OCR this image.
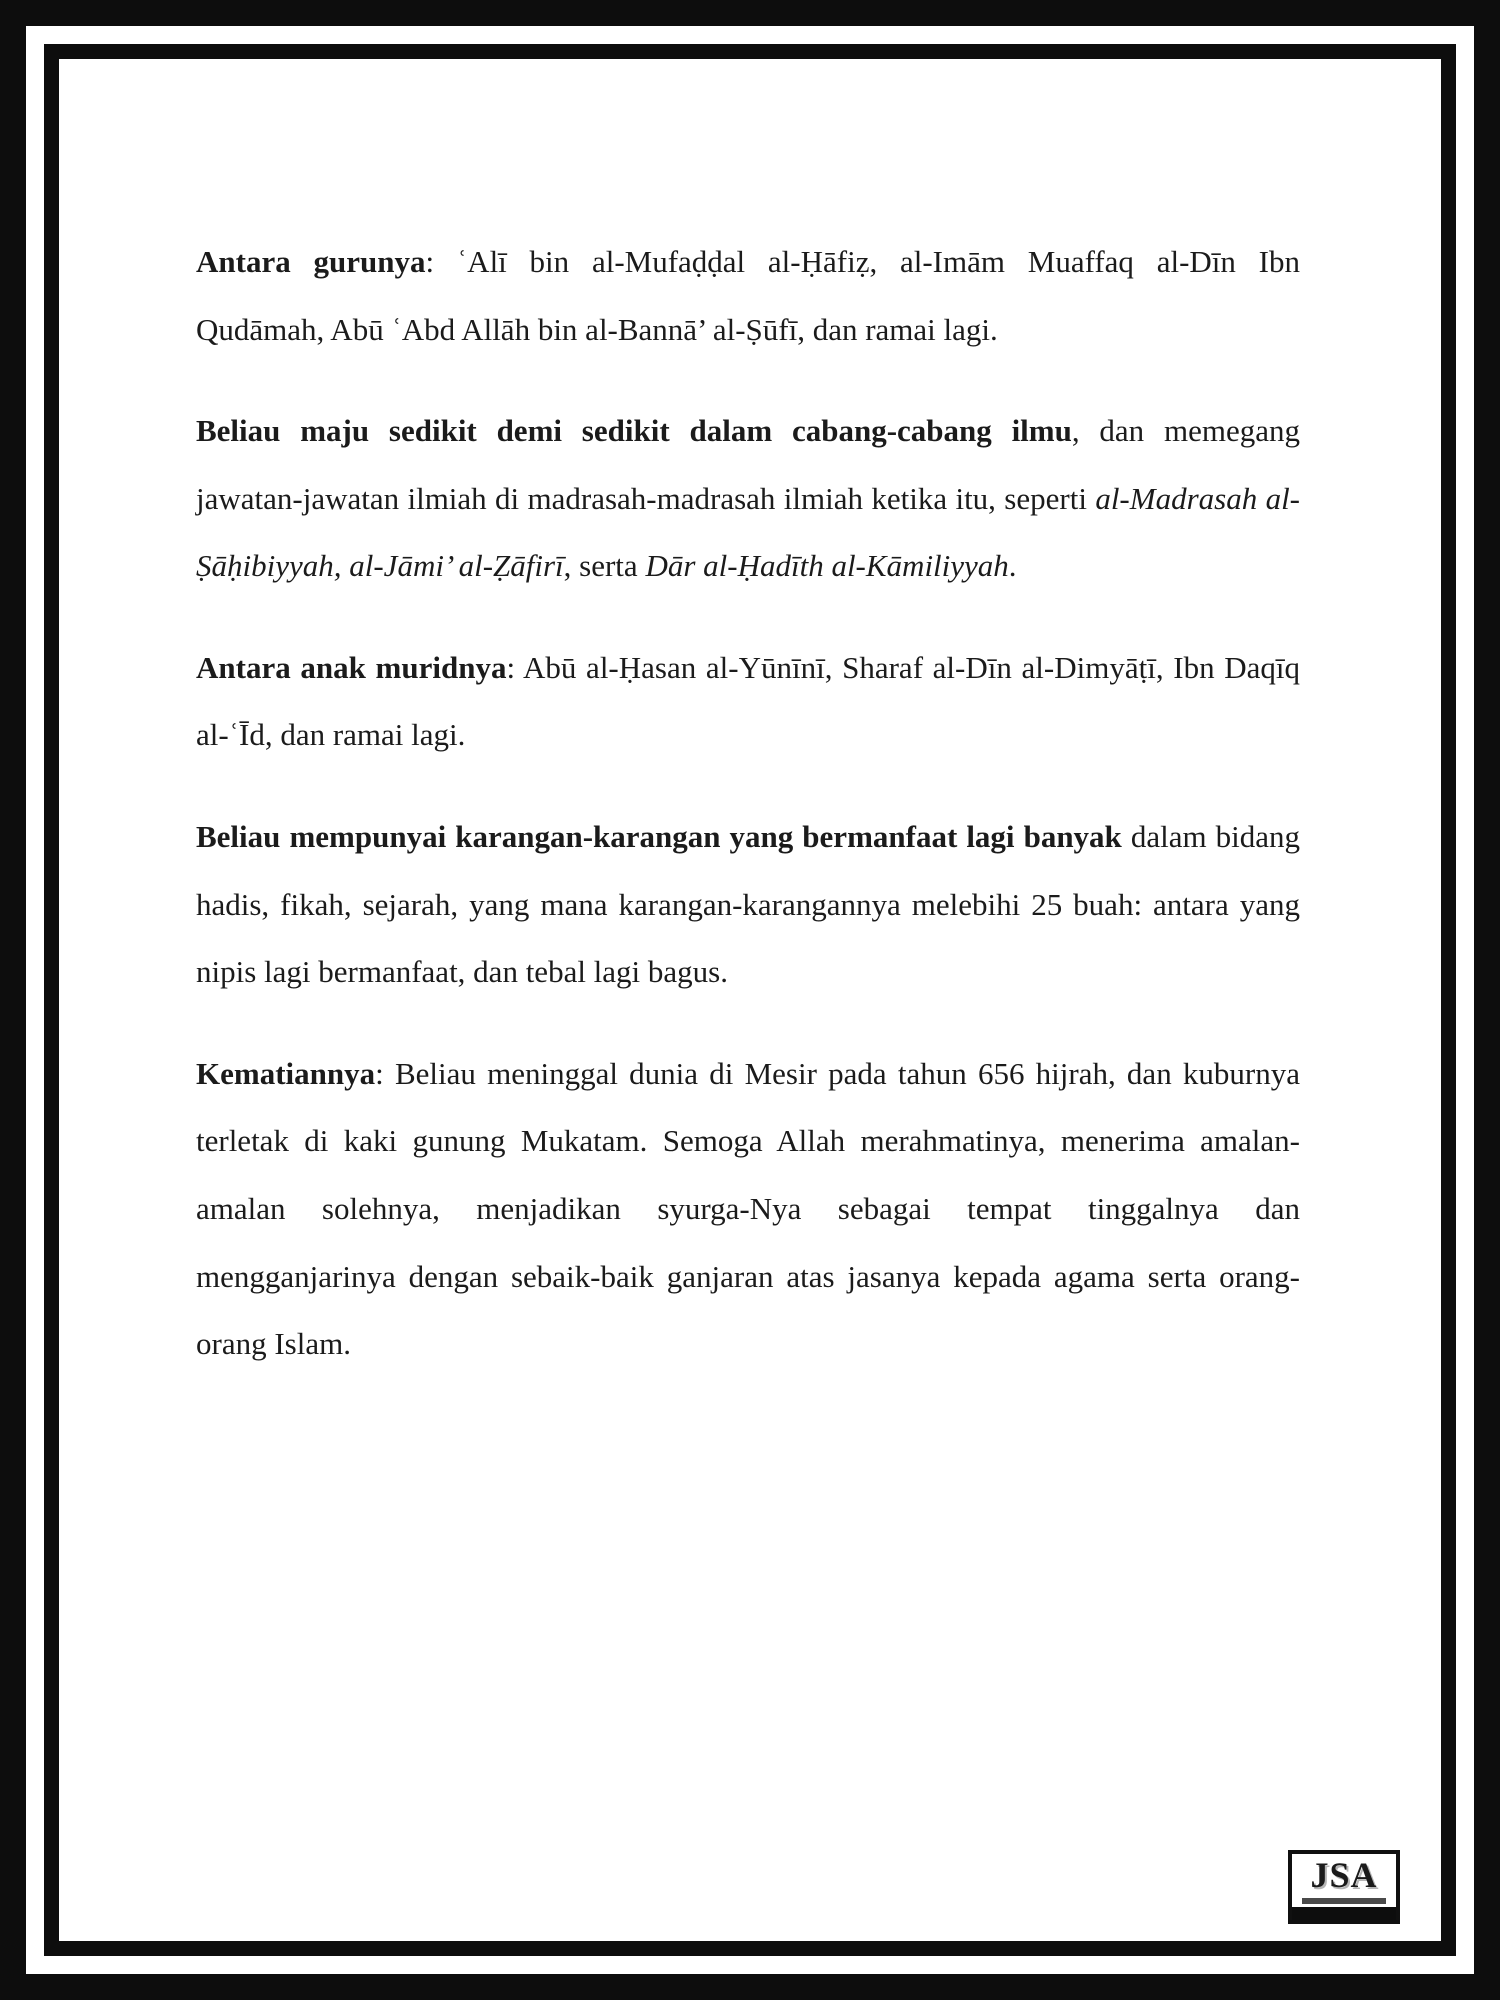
Antara gurunya: ʿAlī bin al-Mufaḍḍal al-Ḥāfiẓ, al-Imām Muaffaq al-Dīn Ibn Qudāmah, Abū ʿAbd Allāh bin al-Bannā’ al-Ṣūfī, dan ramai lagi.

Beliau maju sedikit demi sedikit dalam cabang-cabang ilmu, dan memegang jawatan-jawatan ilmiah di madrasah-madrasah ilmiah ketika itu, seperti al-Madrasah al-Ṣāḥibiyyah, al-Jāmi’ al-Ẓāfirī, serta Dār al-Ḥadīth al-Kāmiliyyah.

Antara anak muridnya: Abū al-Ḥasan al-Yūnīnī, Sharaf al-Dīn al-Dimyāṭī, Ibn Daqīq al-ʿĪd, dan ramai lagi.

Beliau mempunyai karangan-karangan yang bermanfaat lagi banyak dalam bidang hadis, fikah, sejarah, yang mana karangan-karangannya melebihi 25 buah: antara yang nipis lagi bermanfaat, dan tebal lagi bagus.

Kematiannya: Beliau meninggal dunia di Mesir pada tahun 656 hijrah, dan kuburnya terletak di kaki gunung Mukatam. Semoga Allah merahmatinya, menerima amalan-amalan solehnya, menjadikan syurga-Nya sebagai tempat tinggalnya dan mengganjarinya dengan sebaik-baik ganjaran atas jasanya kepada agama serta orang-orang Islam.

JSA
